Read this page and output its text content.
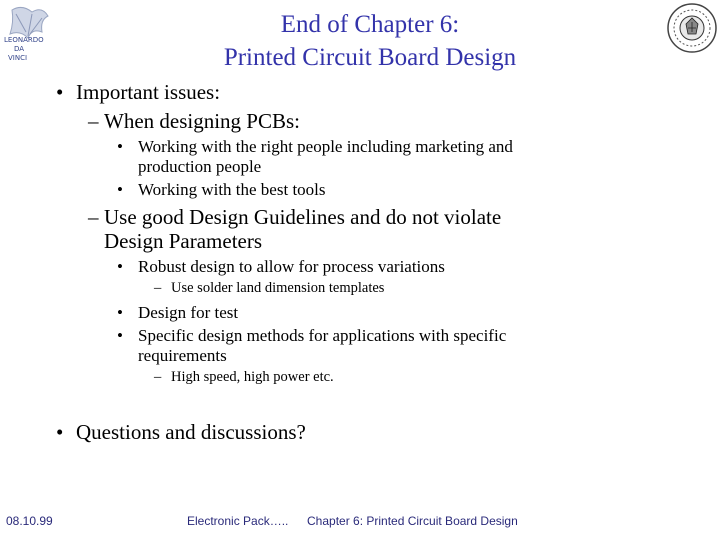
LEONARDO
DA
VINCI
End of Chapter 6:
Printed Circuit Board Design
• Important issues:
– When designing PCBs:
• Working with the right people including marketing and
production people
• Working with the best tools
– Use good Design Guidelines and do not violate
Design Parameters
• Robust design to allow for process variations
– Use solder land dimension templates
• Design for test
• Specific design methods for applications with specific
requirements
– High speed, high power etc.
• Questions and discussions?
08.10.99	Electronic Pack….. Chapter 6: Printed Circuit Board Design
